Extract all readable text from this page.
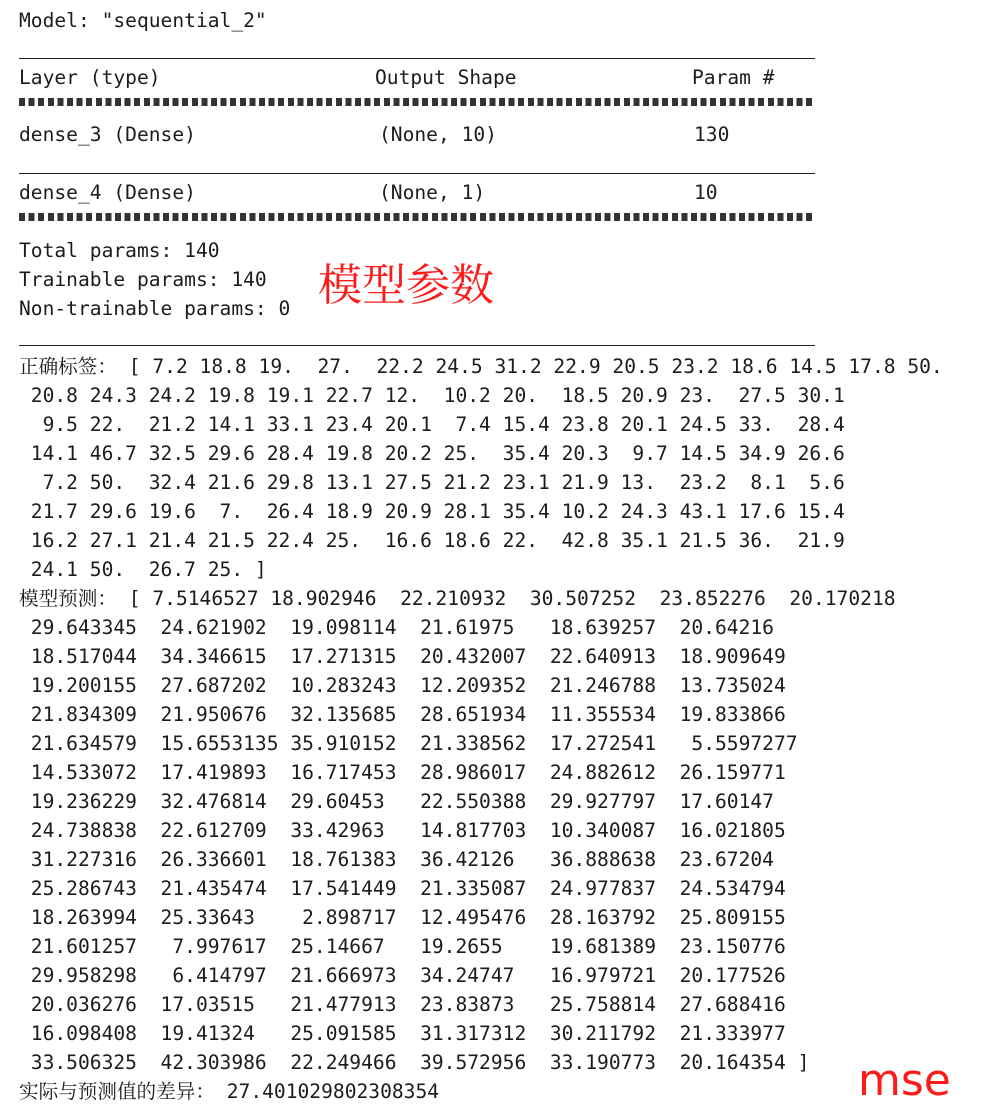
Model: "sequential_2"
Layer (type)	Output Shape	Param #
dense_3 (Dense)	(None, 10)	130
dense_4 (Dense)	(None, 1)	10
Total params: 140
Trainable params: 140
Non-trainable params: 0 模型参数
正确标签： [ 7.2 18.8 19.  27.  22.2 24.5 31.2 22.9 20.5 23.2 18.6 14.5 17.8 50.
20.8 24.3 24.2 19.8 19.1 22.7 12.  10.2 20.  18.5 20.9 23.  27.5 30.1
9.5 22.  21.2 14.1 33.1 23.4 20.1  7.4 15.4 23.8 20.1 24.5 33.  28.4
14.1 46.7 32.5 29.6 28.4 19.8 20.2 25.  35.4 20.3  9.7 14.5 34.9 26.6
7.2 50.  32.4 21.6 29.8 13.1 27.5 21.2 23.1 21.9 13.  23.2  8.1  5.6
21.7 29.6 19.6  7.  26.4 18.9 20.9 28.1 35.4 10.2 24.3 43.1 17.6 15.4
16.2 27.1 21.4 21.5 22.4 25.  16.6 18.6 22.  42.8 35.1 21.5 36.  21.9
24.1 50.  26.7 25. ]
模型预测： [ 7.5146527 18.902946  22.210932  30.507252  23.852276  20.170218
29.643345  24.621902  19.098114  21.61975   18.639257  20.64216
18.517044  34.346615  17.271315  20.432007  22.640913  18.909649
19.200155  27.687202  10.283243  12.209352  21.246788  13.735024
21.834309  21.950676  32.135685  28.651934  11.355534  19.833866
21.634579  15.6553135 35.910152  21.338562  17.272541   5.5597277
14.533072  17.419893  16.717453  28.986017  24.882612  26.159771
19.236229  32.476814  29.60453   22.550388  29.927797  17.60147
24.738838  22.612709  33.42963   14.817703  10.340087  16.021805
31.227316  26.336601  18.761383  36.42126   36.888638  23.67204
25.286743  21.435474  17.541449  21.335087  24.977837  24.534794
18.263994  25.33643    2.898717  12.495476  28.163792  25.809155
21.601257   7.997617  25.14667   19.2655    19.681389  23.150776
29.958298   6.414797  21.666973  34.24747   16.979721  20.177526
20.036276  17.03515   21.477913  23.83873   25.758814  27.688416
16.098408  19.41324   25.091585  31.317312  30.211792  21.333977
33.506325  42.303986  22.249466  39.572956  33.190773  20.164354 ]
实际与预测值的差异： 27.401029802308354	mse
